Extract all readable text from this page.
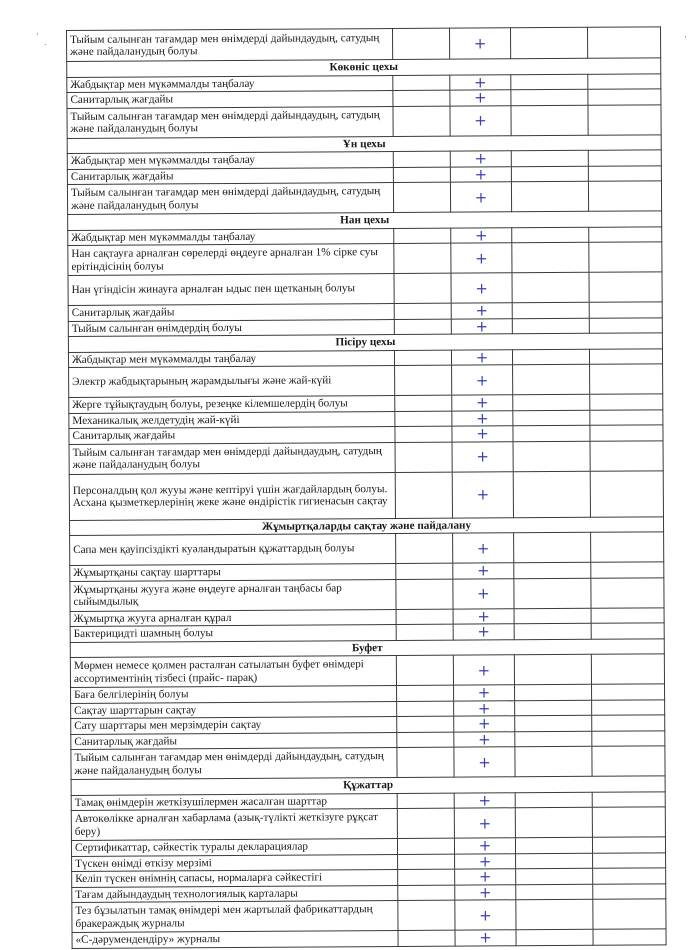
·
˙
·
Тыйым салынған тағамдар мен өнімдерді дайындаудың, сатудың және пайдаланудың болуы		+		
Көкөніс цехы				
Жабдықтар мен мүкәммалды таңбалау		+		
Санитарлық жағдайы		+		
Тыйым салынған тағамдар мен өнімдерді дайындаудың, сатудың және пайдаланудың болуы		+		
Ұн цехы				
Жабдықтар мен мүкәммалды таңбалау		+		
Санитарлық жағдайы		+		
Тыйым салынған тағамдар мен өнімдерді дайындаудың, сатудың және пайдаланудың болуы		+		
Нан цехы				
Жабдықтар мен мүкәммалды таңбалау		+		
Нан сақтауға арналған сөрелерді өңдеуге арналған 1% сірке суы ерітіндісінің болуы		+		
Нан үгіндісін жинауға арналған ыдыс пен щетканың болуы		+		
Санитарлық жағдайы		+		
Тыйым салынған өнімдердің болуы		+		
Пісіру цехы				
Жабдықтар мен мүкәммалды таңбалау		+		
Электр жабдықтарының жарамдылығы және жай-күйі		+		
Жерге тұйықтаудың болуы, резеңке кілемшелердің болуы		+		
Механикалық желдетудің жай-күйі		+		
Санитарлық жағдайы		+		
Тыйым салынған тағамдар мен өнімдерді дайындаудың, сатудың және пайдаланудың болуы		+		
Персоналдың қол жууы және кептіруі үшін жағдайлардың болуы. Асхана қызметкерлерінің жеке және өндірістік гигиенасын сақтау		+		
Жұмыртқаларды сақтау және пайдалану				
Сапа мен қауіпсіздікті куәландыратын құжаттардың болуы		+		
Жұмыртқаны сақтау шарттары		+		
Жұмыртқаны жууға және өңдеуге арналған таңбасы бар сыйымдылық		+		
Жұмыртқа жууға арналған құрал		+		
Бактерицидті шамның болуы		+		
Буфет				
Мөрмен немесе қолмен расталған сатылатын буфет өнімдері ассортиментінің тізбесі (прайс- парақ)		+		
Баға белгілерінің болуы		+		
Сақтау шарттарын сақтау		+		
Сату шарттары мен мерзімдерін сақтау		+		
Санитарлық жағдайы		+		
Тыйым салынған тағамдар мен өнімдерді дайындаудың, сатудың және пайдаланудың болуы		+		
Құжаттар				
Тамақ өнімдерін жеткізушілермен жасалған шарттар		+		
Автокөлікке арналған хабарлама (азық-түлікті жеткізуге рұқсат беру)		+		
Сертификаттар, сәйкестік туралы декларациялар		+		
Түскен өнімді өткізу мерзімі		+		
Келіп түскен өнімнің сапасы, нормаларға сәйкестігі		+		
Тағам дайындаудың технологиялық карталары		+		
Тез бұзылатын тамақ өнімдері мен жартылай фабрикаттардың бракераждық журналы		+		
«С-дәрумендендіру» журналы		+		
